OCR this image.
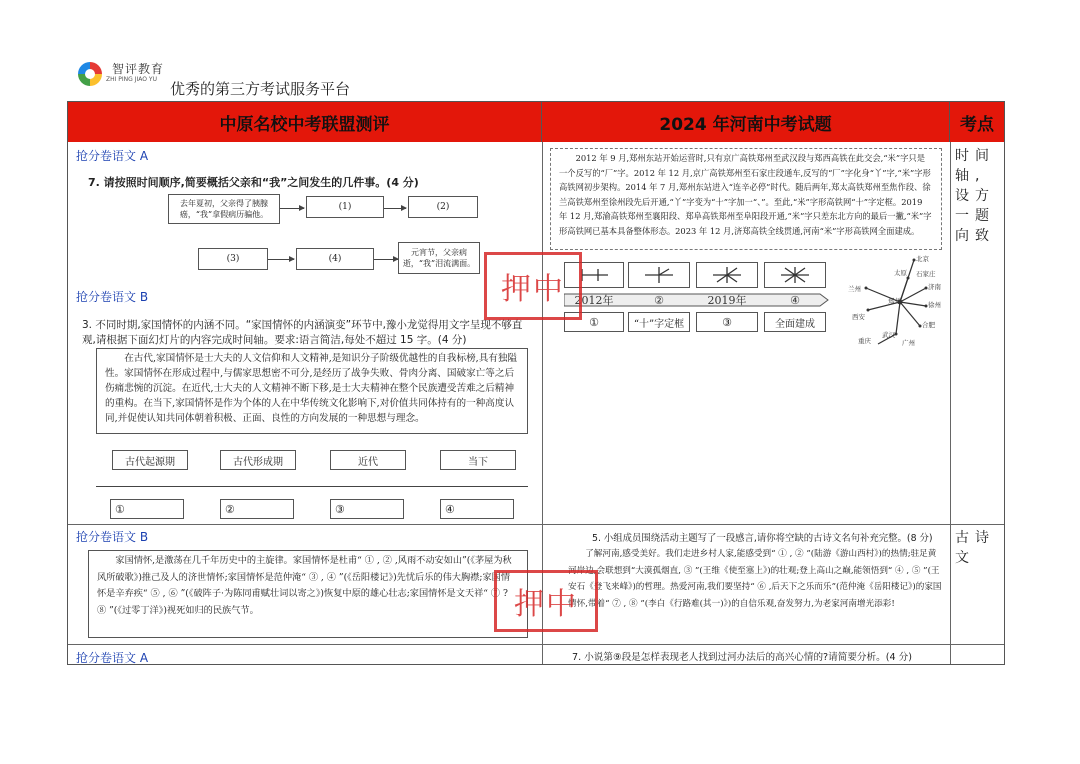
智评教育
ZHI PING JIAO YU
优秀的第三方考试服务平台
中原名校中考联盟测评	2024 年河南中考试题	考点
抢分卷语文 A
7. 请按照时间顺序,简要概括父亲和“我”之间发生的几件事。(4 分)
去年夏初，父亲得了胰腺癌，“我”拿假病历骗他。
(1)	(2)
(3)	(4)
元宵节，父亲病逝，“我”泪流满面。
抢分卷语文 B
3. 不同时期,家国情怀的内涵不同。“家国情怀的内涵演变”环节中,豫小龙觉得用文字呈现不够直观,请根据下面幻灯片的内容完成时间轴。要求:语言简洁,每处不超过 15 字。(4 分)
在古代,家国情怀是士大夫的人文信仰和人文精神,是知识分子阶级优越性的自我标榜,具有独隘性。家国情怀在形成过程中,与儒家思想密不可分,是经历了战争失败、骨肉分离、国破家亡等之后伤痛悲惋的沉淀。在近代,士大夫的人文精神不断下移,是士大夫精神在整个民族遭受苦难之后精神的重构。在当下,家国情怀是作为个体的人在中华传统文化影响下,对价值共同体持有的一种高度认同,并促使认知共同体朝着积极、正面、良性的方向发展的一种思想与理念。
古代起源期	古代形成期	近代	当下
①	②	③	④
2012 年 9 月,郑州东站开始运营时,只有京广高铁郑州至武汉段与郑西高铁在此交会,“米”字只是一个反写的“厂”字。2012 年 12 月,京广高铁郑州至石家庄段通车,反写的“厂”字化身“丫”字,“米”字形高铁网初步架构。2014 年 7 月,郑州东站进入“连辛必停”时代。随后两年,郑太高铁郑州至焦作段、徐兰高铁郑州至徐州段先后开通,“丫”字变为“十”字加一“、”。至此,“米”字形高铁网“十”字定框。2019 年 12 月,郑渝高铁郑州至襄阳段、郑阜高铁郑州至阜阳段开通,“米”字只差东北方向的最后一撇,“米”字形高铁网已基本具备整体形态。2023 年 12 月,济郑高铁全线贯通,河南“米”字形高铁网全面建成。
2012年	②	2019年	④
①	“十”字定框	③	全面建成
北京
太原 石家庄
济南
郑州	徐州
西安
武汉
合肥
重庆	广州
兰州
押中
时间轴,设方一题向致
抢分卷语文 B
家国情怀,是激荡在几千年历史中的主旋律。家国情怀是杜甫“ ① , ② ,风雨不动安如山”(《茅屋为秋风所破歌》)推己及人的济世情怀;家国情怀是范仲淹“ ③ , ④ ”(《岳阳楼记》)先忧后乐的伟大胸襟;家国情怀是辛弃疾“ ⑤ , ⑥ ”(《破阵子·为陈同甫赋壮词以寄之》)恢复中原的雄心壮志;家国情怀是文天祥“ ⑦ ? ⑧ ”(《过零丁洋》)视死如归的民族气节。
5. 小组成员围绕活动主题写了一段感言,请你将空缺的古诗文名句补充完整。(8 分)
了解河南,感受美好。我们走进乡村人家,能感受到“ ① , ② ”(陆游《游山西村》)的热情;驻足黄河岸边,会联想到“大漠孤烟直, ③ ”(王维《使至塞上》)的壮观;登上高山之巅,能领悟到“ ④ , ⑤ ”(王安石《登飞来峰》)的哲理。热爱河南,我们要坚持“ ⑥ ,后天下之乐而乐”(范仲淹《岳阳楼记》)的家国情怀,带着“ ⑦ , ⑧ ”(李白《行路难(其一)》)的自信乐观,奋发努力,为老家河南增光添彩!
押中
古诗文
抢分卷语文 A	7. 小说第⑨段是怎样表现老人找到过河办法后的高兴心情的?请简要分析。(4 分)
